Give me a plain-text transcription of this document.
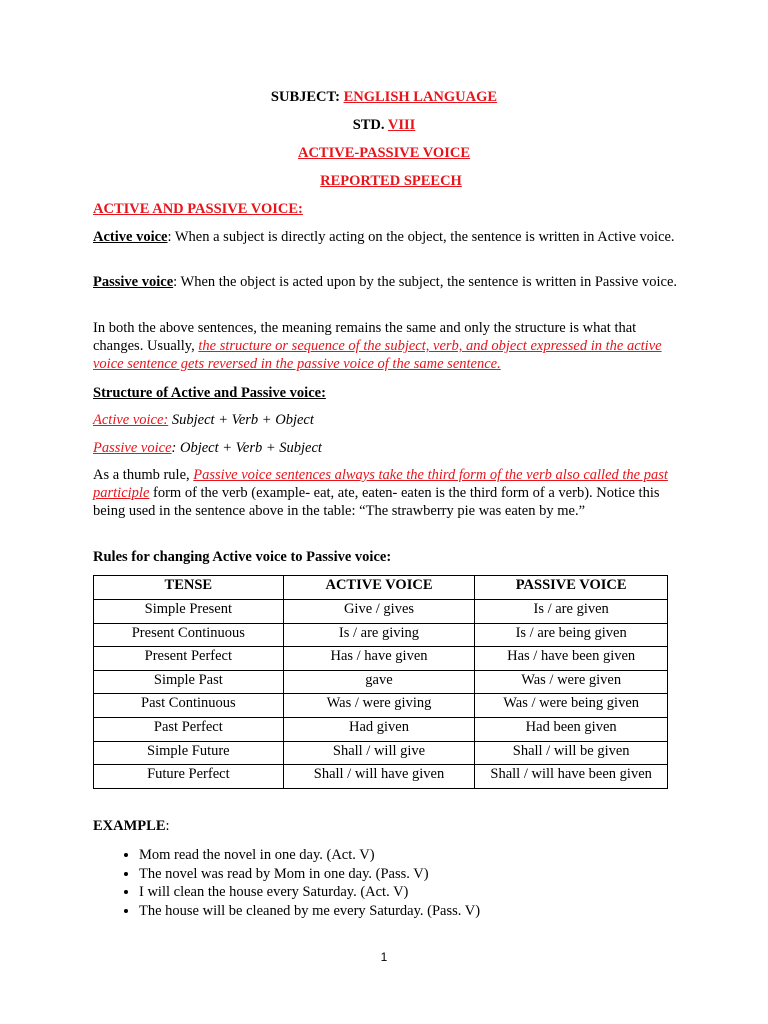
SUBJECT: ENGLISH LANGUAGE
STD. VIII
ACTIVE-PASSIVE VOICE
REPORTED SPEECH
ACTIVE AND PASSIVE VOICE:
Active voice: When a subject is directly acting on the object, the sentence is written in Active voice.
Passive voice: When the object is acted upon by the subject, the sentence is written in Passive voice.
In both the above sentences, the meaning remains the same and only the structure is what that changes. Usually, the structure or sequence of the subject, verb, and object expressed in the active voice sentence gets reversed in the passive voice of the same sentence.
Structure of Active and Passive voice:
Active voice: Subject + Verb + Object
Passive voice: Object + Verb + Subject
As a thumb rule, Passive voice sentences always take the third form of the verb also called the past participle form of the verb (example- eat, ate, eaten- eaten is the third form of a verb). Notice this being used in the sentence above in the table: “The strawberry pie was eaten by me.”
Rules for changing Active voice to Passive voice:
TENSE	ACTIVE VOICE	PASSIVE VOICE
Simple Present	Give / gives	Is / are given
Present Continuous	Is / are giving	Is / are being given
Present Perfect	Has / have given	Has / have been given
Simple Past	gave	Was / were given
Past Continuous	Was / were giving	Was / were being given
Past Perfect	Had given	Had been given
Simple Future	Shall / will give	Shall / will be given
Future Perfect	Shall / will have given	Shall / will have been given
EXAMPLE:
• Mom read the novel in one day. (Act. V)
• The novel was read by Mom in one day. (Pass. V)
• I will clean the house every Saturday. (Act. V)
• The house will be cleaned by me every Saturday. (Pass. V)
1
